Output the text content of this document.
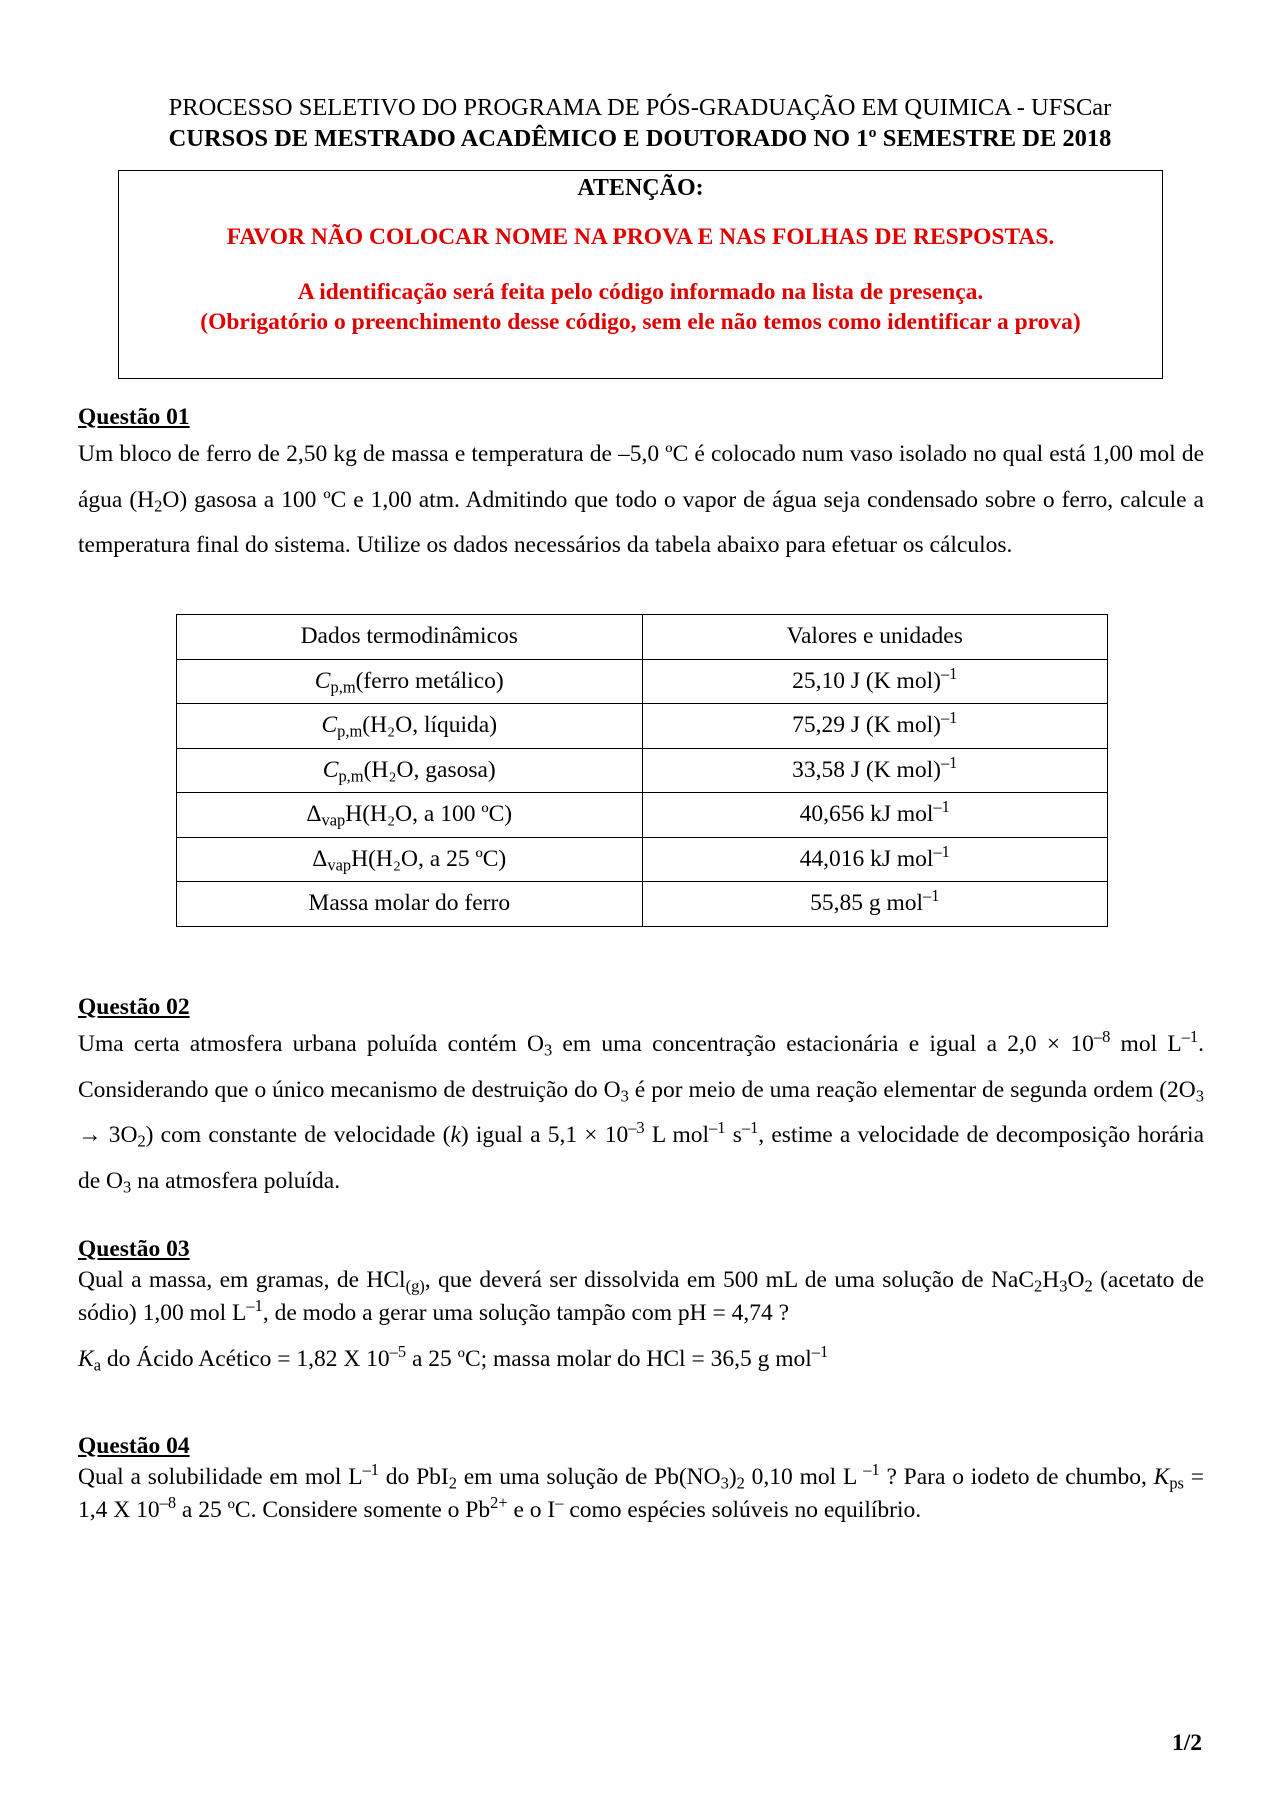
PROCESSO SELETIVO DO PROGRAMA DE PÓS-GRADUAÇÃO EM QUIMICA - UFSCar
CURSOS DE MESTRADO ACADÊMICO E DOUTORADO NO 1º SEMESTRE DE 2018
ATENÇÃO:
FAVOR NÃO COLOCAR NOME NA PROVA E NAS FOLHAS DE RESPOSTAS.
A identificação será feita pelo código informado na lista de presença.
(Obrigatório o preenchimento desse código, sem ele não temos como identificar a prova)
Questão 01

Um bloco de ferro de 2,50 kg de massa e temperatura de –5,0 ºC é colocado num vaso isolado no qual está 1,00 mol de água $(H_2O)$ gasosa a 100 ºC e 1,00 atm. Admitindo que todo o vapor de água seja condensado sobre o ferro, calcule a temperatura final do sistema. Utilize os dados necessários da tabela abaixo para efetuar os cálculos.

Dados termodinâmicos	Valores e unidades
$C_{p,m}(ferro$ metálico)	25,10 J (K mol)$^{-1}$
$C_{p,m}(H_2O$, líquida)	75,29 J (K mol)$^{-1}$
$C_{p,m}(H_2O$, gasosa)	33,58 J (K mol)$^{-1}$
$\Delta_{vap}H(H_2O$, a 100 ºC)	40,656 kJ mol$^{-1}$
$\Delta_{vap}H(H_2O$, a 25 ºC)	44,016 kJ mol$^{-1}$
Massa molar do ferro	55,85 g mol$^{-1}$
Questão 02

Uma certa atmosfera urbana poluída contém $O_3$ em uma concentração estacionária e igual a $2,0 \times 10^{-8}$ mol $L^{-1}$. Considerando que o único mecanismo de destruição do $O_3$ é por meio de uma reação elementar de segunda ordem $(2O_3 \to 3O_2)$ com constante de velocidade (k) igual a $5,1 \times 10^{-3}$ L mol$^{-1}$ $s^{-1}$, estime a velocidade de decomposição horária de $O_3$ na atmosfera poluída.

Questão 03

Qual a massa, em gramas, de HCl$_{(g)}$, que deverá ser dissolvida em 500 mL de uma solução de $NaC_2H_3O_2$ (acetato de sódio) 1,00 mol $L^{-1}$, de modo a gerar uma solução tampão com pH = 4,74 ?

$K_a$ do Ácido Acético = 1,82 X $10^{-5}$ a 25 ºC; massa molar do HCl = 36,5 g mol$^{-1}$

Questão 04

Qual a solubilidade em mol $L^{-1}$ do PbI$_2$ em uma solução de $Pb(NO_3)_2$ 0,10 mol L $^{-1}$ ? Para o iodeto de chumbo, $K_{ps} = 1,4$ X $10^{-8}$ a 25 ºC. Considere somente o $Pb^{2+}$ e o I– como espécies solúveis no equilíbrio.

1/2
